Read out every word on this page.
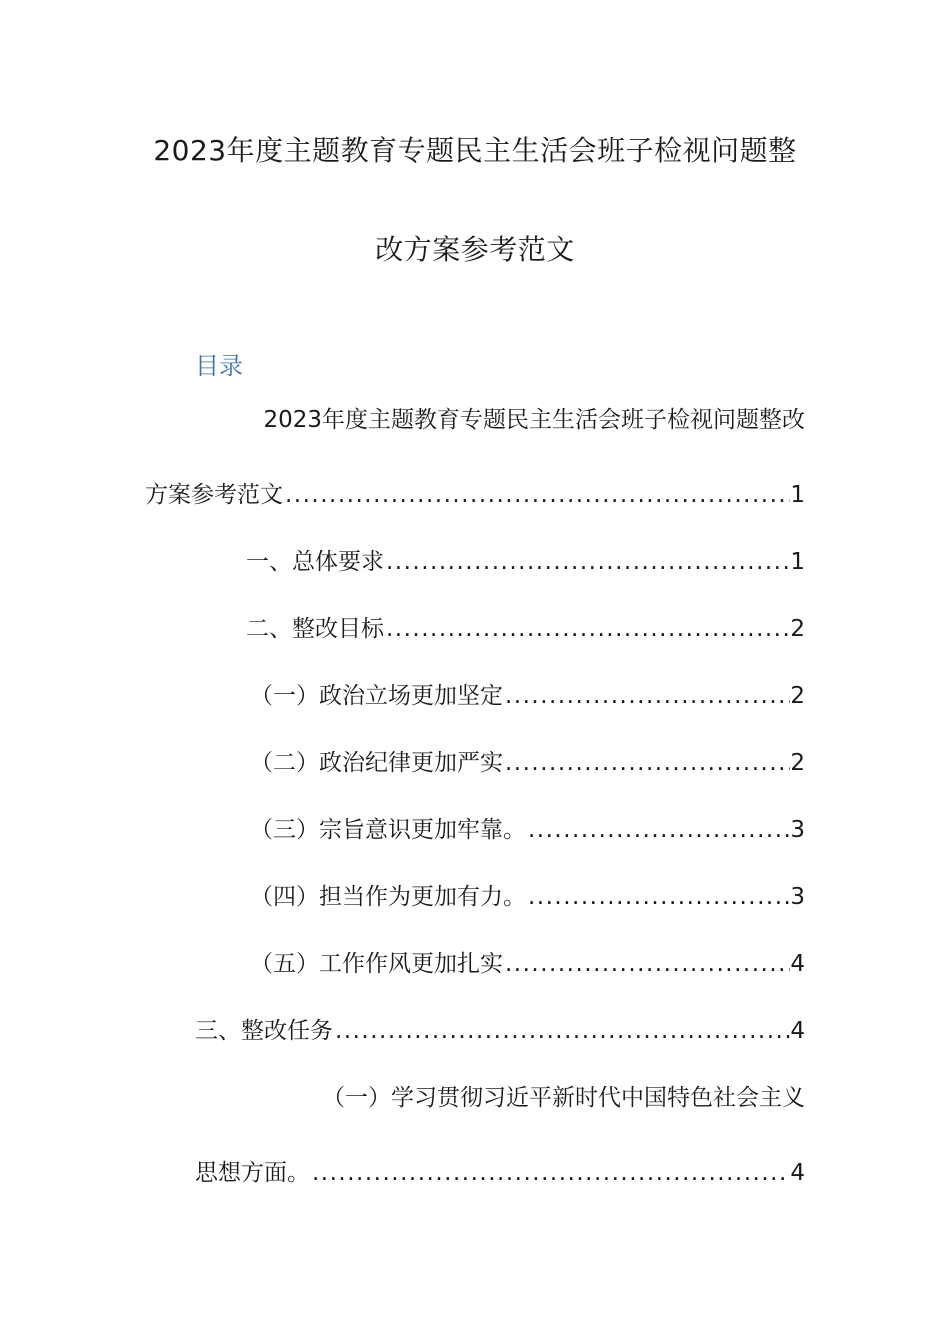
2023年度主题教育专题民主生活会班子检视问题整
改方案参考范文
目录
2023年度主题教育专题民主生活会班子检视问题整改
方案参考范文 .....	1
一、总体要求 .....	1
二、整改目标 .....	2
（一）政治立场更加坚定 .....	2
（二）政治纪律更加严实 .....	2
（三）宗旨意识更加牢靠。 .....	3
（四）担当作为更加有力。 .....	3
（五）工作作风更加扎实 .....	4
三、整改任务 .....	4
（一）学习贯彻习近平新时代中国特色社会主义
思想方面。 .....	4
